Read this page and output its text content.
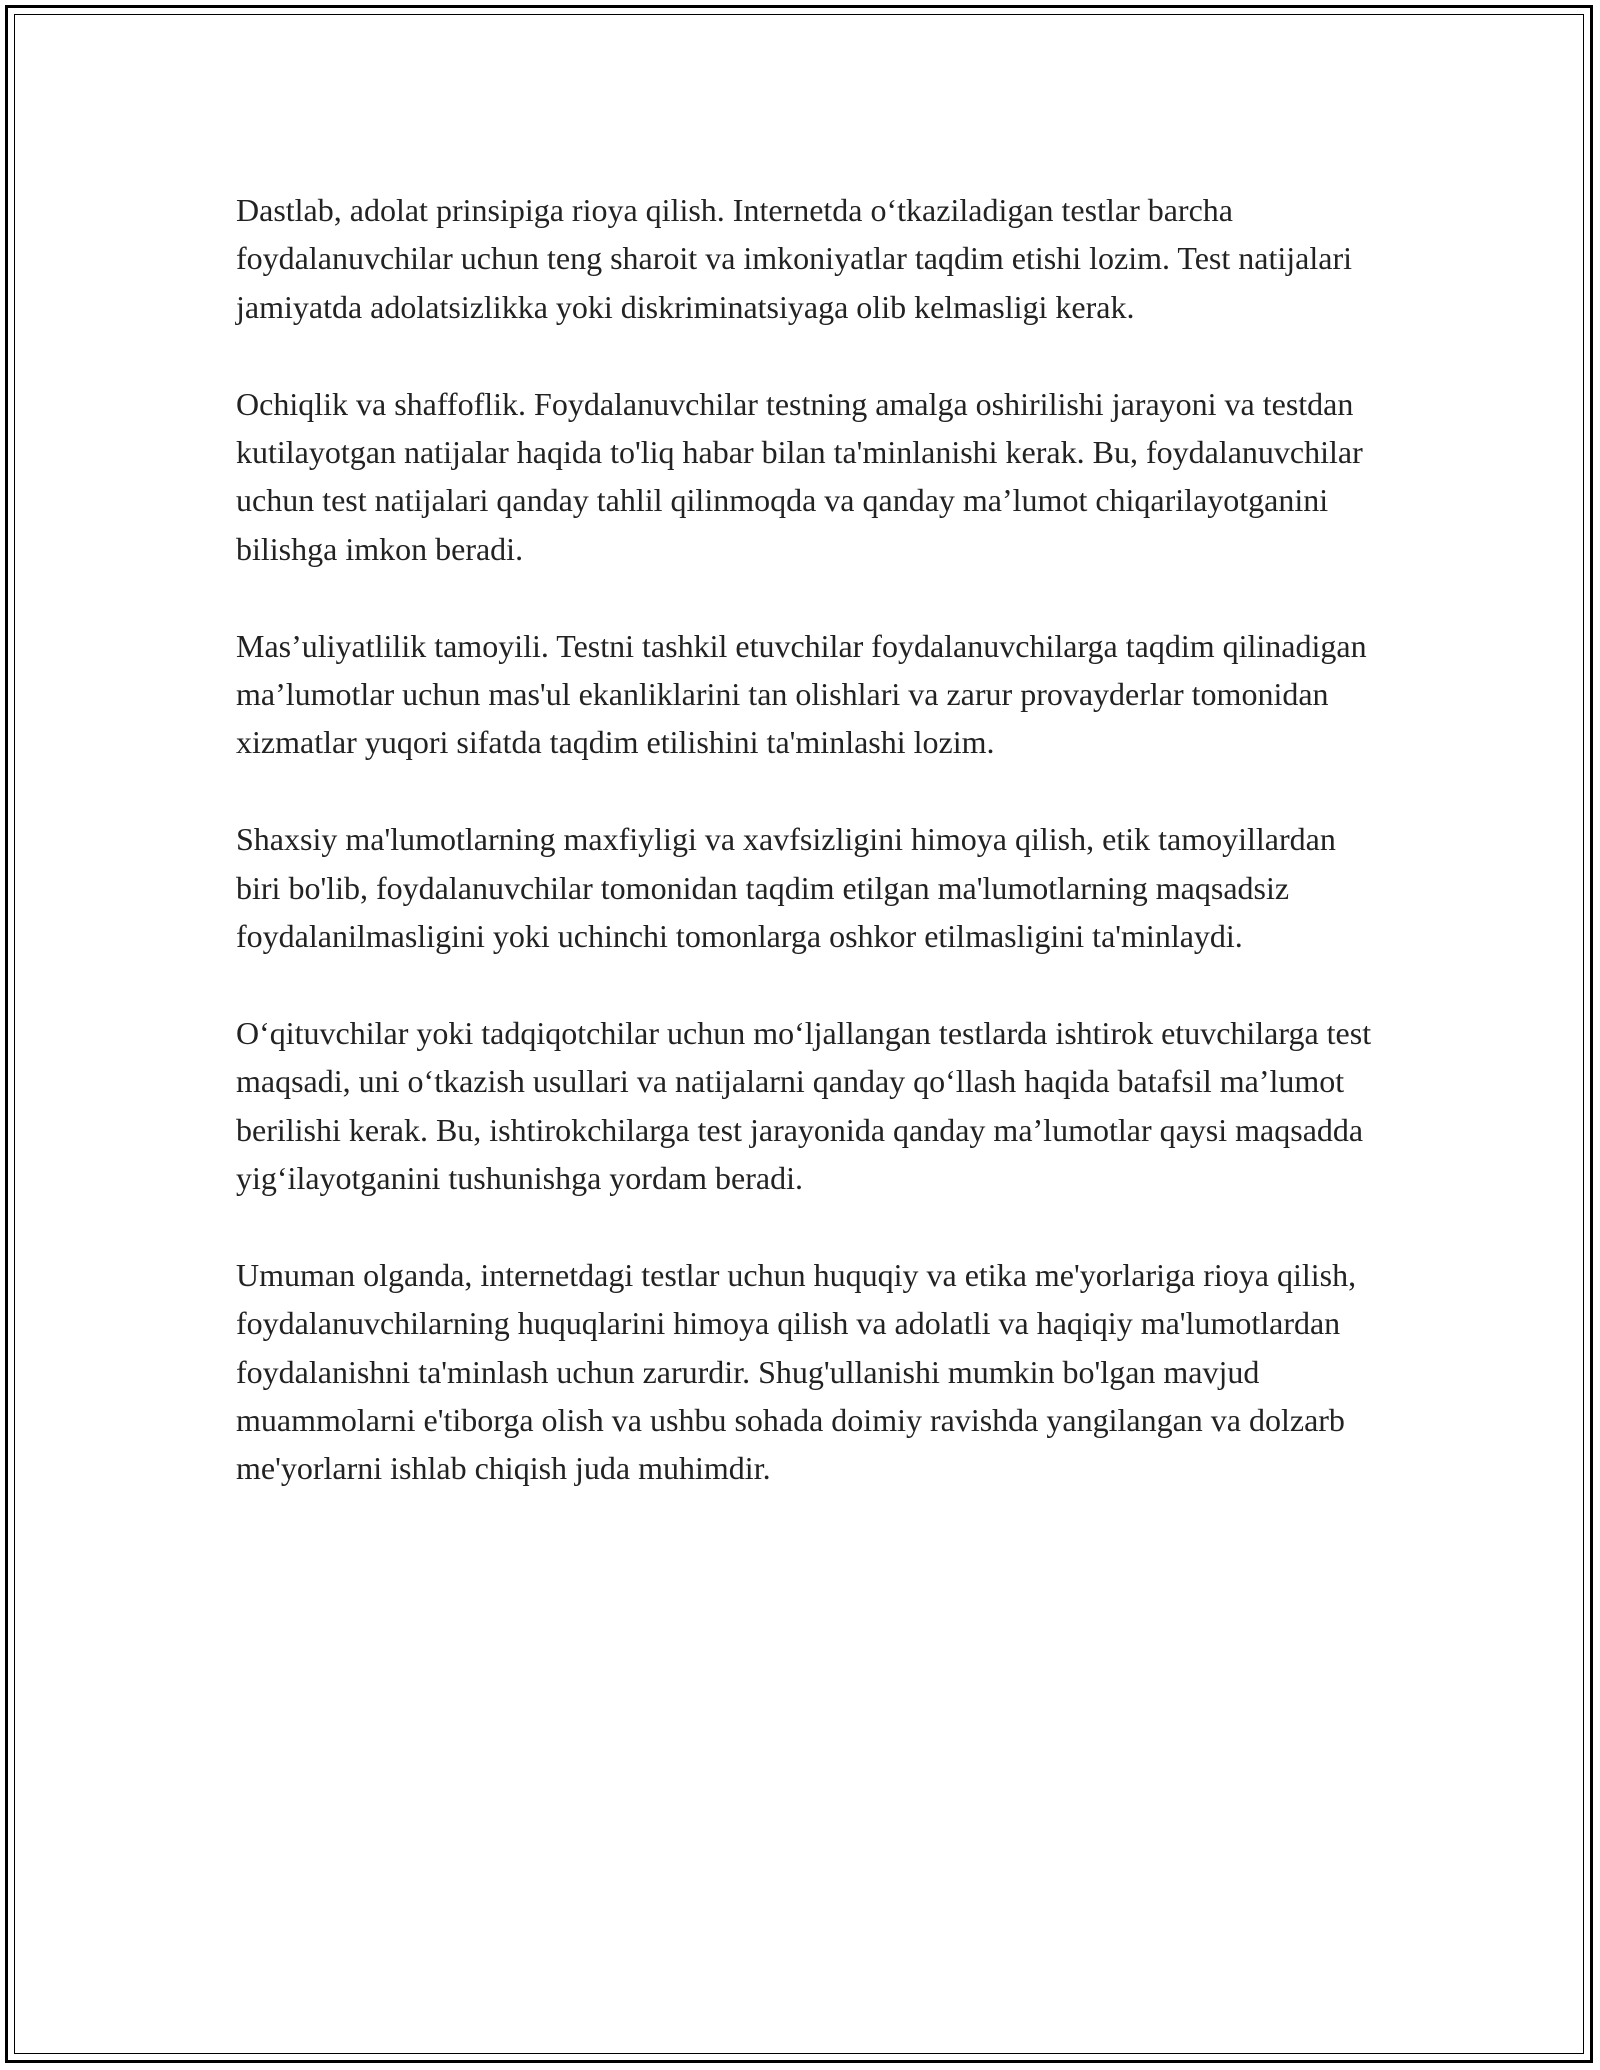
Dastlab, adolat prinsipiga rioya qilish. Internetda o‘tkaziladigan testlar barcha foydalanuvchilar uchun teng sharoit va imkoniyatlar taqdim etishi lozim. Test natijalari jamiyatda adolatsizlikka yoki diskriminatsiyaga olib kelmasligi kerak.

Ochiqlik va shaffoflik. Foydalanuvchilar testning amalga oshirilishi jarayoni va testdan kutilayotgan natijalar haqida to'liq habar bilan ta'minlanishi kerak. Bu, foydalanuvchilar uchun test natijalari qanday tahlil qilinmoqda va qanday ma’lumot chiqarilayotganini bilishga imkon beradi.

Mas’uliyatlilik tamoyili. Testni tashkil etuvchilar foydalanuvchilarga taqdim qilinadigan ma’lumotlar uchun mas'ul ekanliklarini tan olishlari va zarur provayderlar tomonidan xizmatlar yuqori sifatda taqdim etilishini ta'minlashi lozim.

Shaxsiy ma'lumotlarning maxfiyligi va xavfsizligini himoya qilish, etik tamoyillardan biri bo'lib, foydalanuvchilar tomonidan taqdim etilgan ma'lumotlarning maqsadsiz foydalanilmasligini yoki uchinchi tomonlarga oshkor etilmasligini ta'minlaydi.

O‘qituvchilar yoki tadqiqotchilar uchun mo‘ljallangan testlarda ishtirok etuvchilarga test maqsadi, uni o‘tkazish usullari va natijalarni qanday qo‘llash haqida batafsil ma’lumot berilishi kerak. Bu, ishtirokchilarga test jarayonida qanday ma’lumotlar qaysi maqsadda yig‘ilayotganini tushunishga yordam beradi.

Umuman olganda, internetdagi testlar uchun huquqiy va etika me'yorlariga rioya qilish, foydalanuvchilarning huquqlarini himoya qilish va adolatli va haqiqiy ma'lumotlardan foydalanishni ta'minlash uchun zarurdir. Shug'ullanishi mumkin bo'lgan mavjud muammolarni e'tiborga olish va ushbu sohada doimiy ravishda yangilangan va dolzarb me'yorlarni ishlab chiqish juda muhimdir.
